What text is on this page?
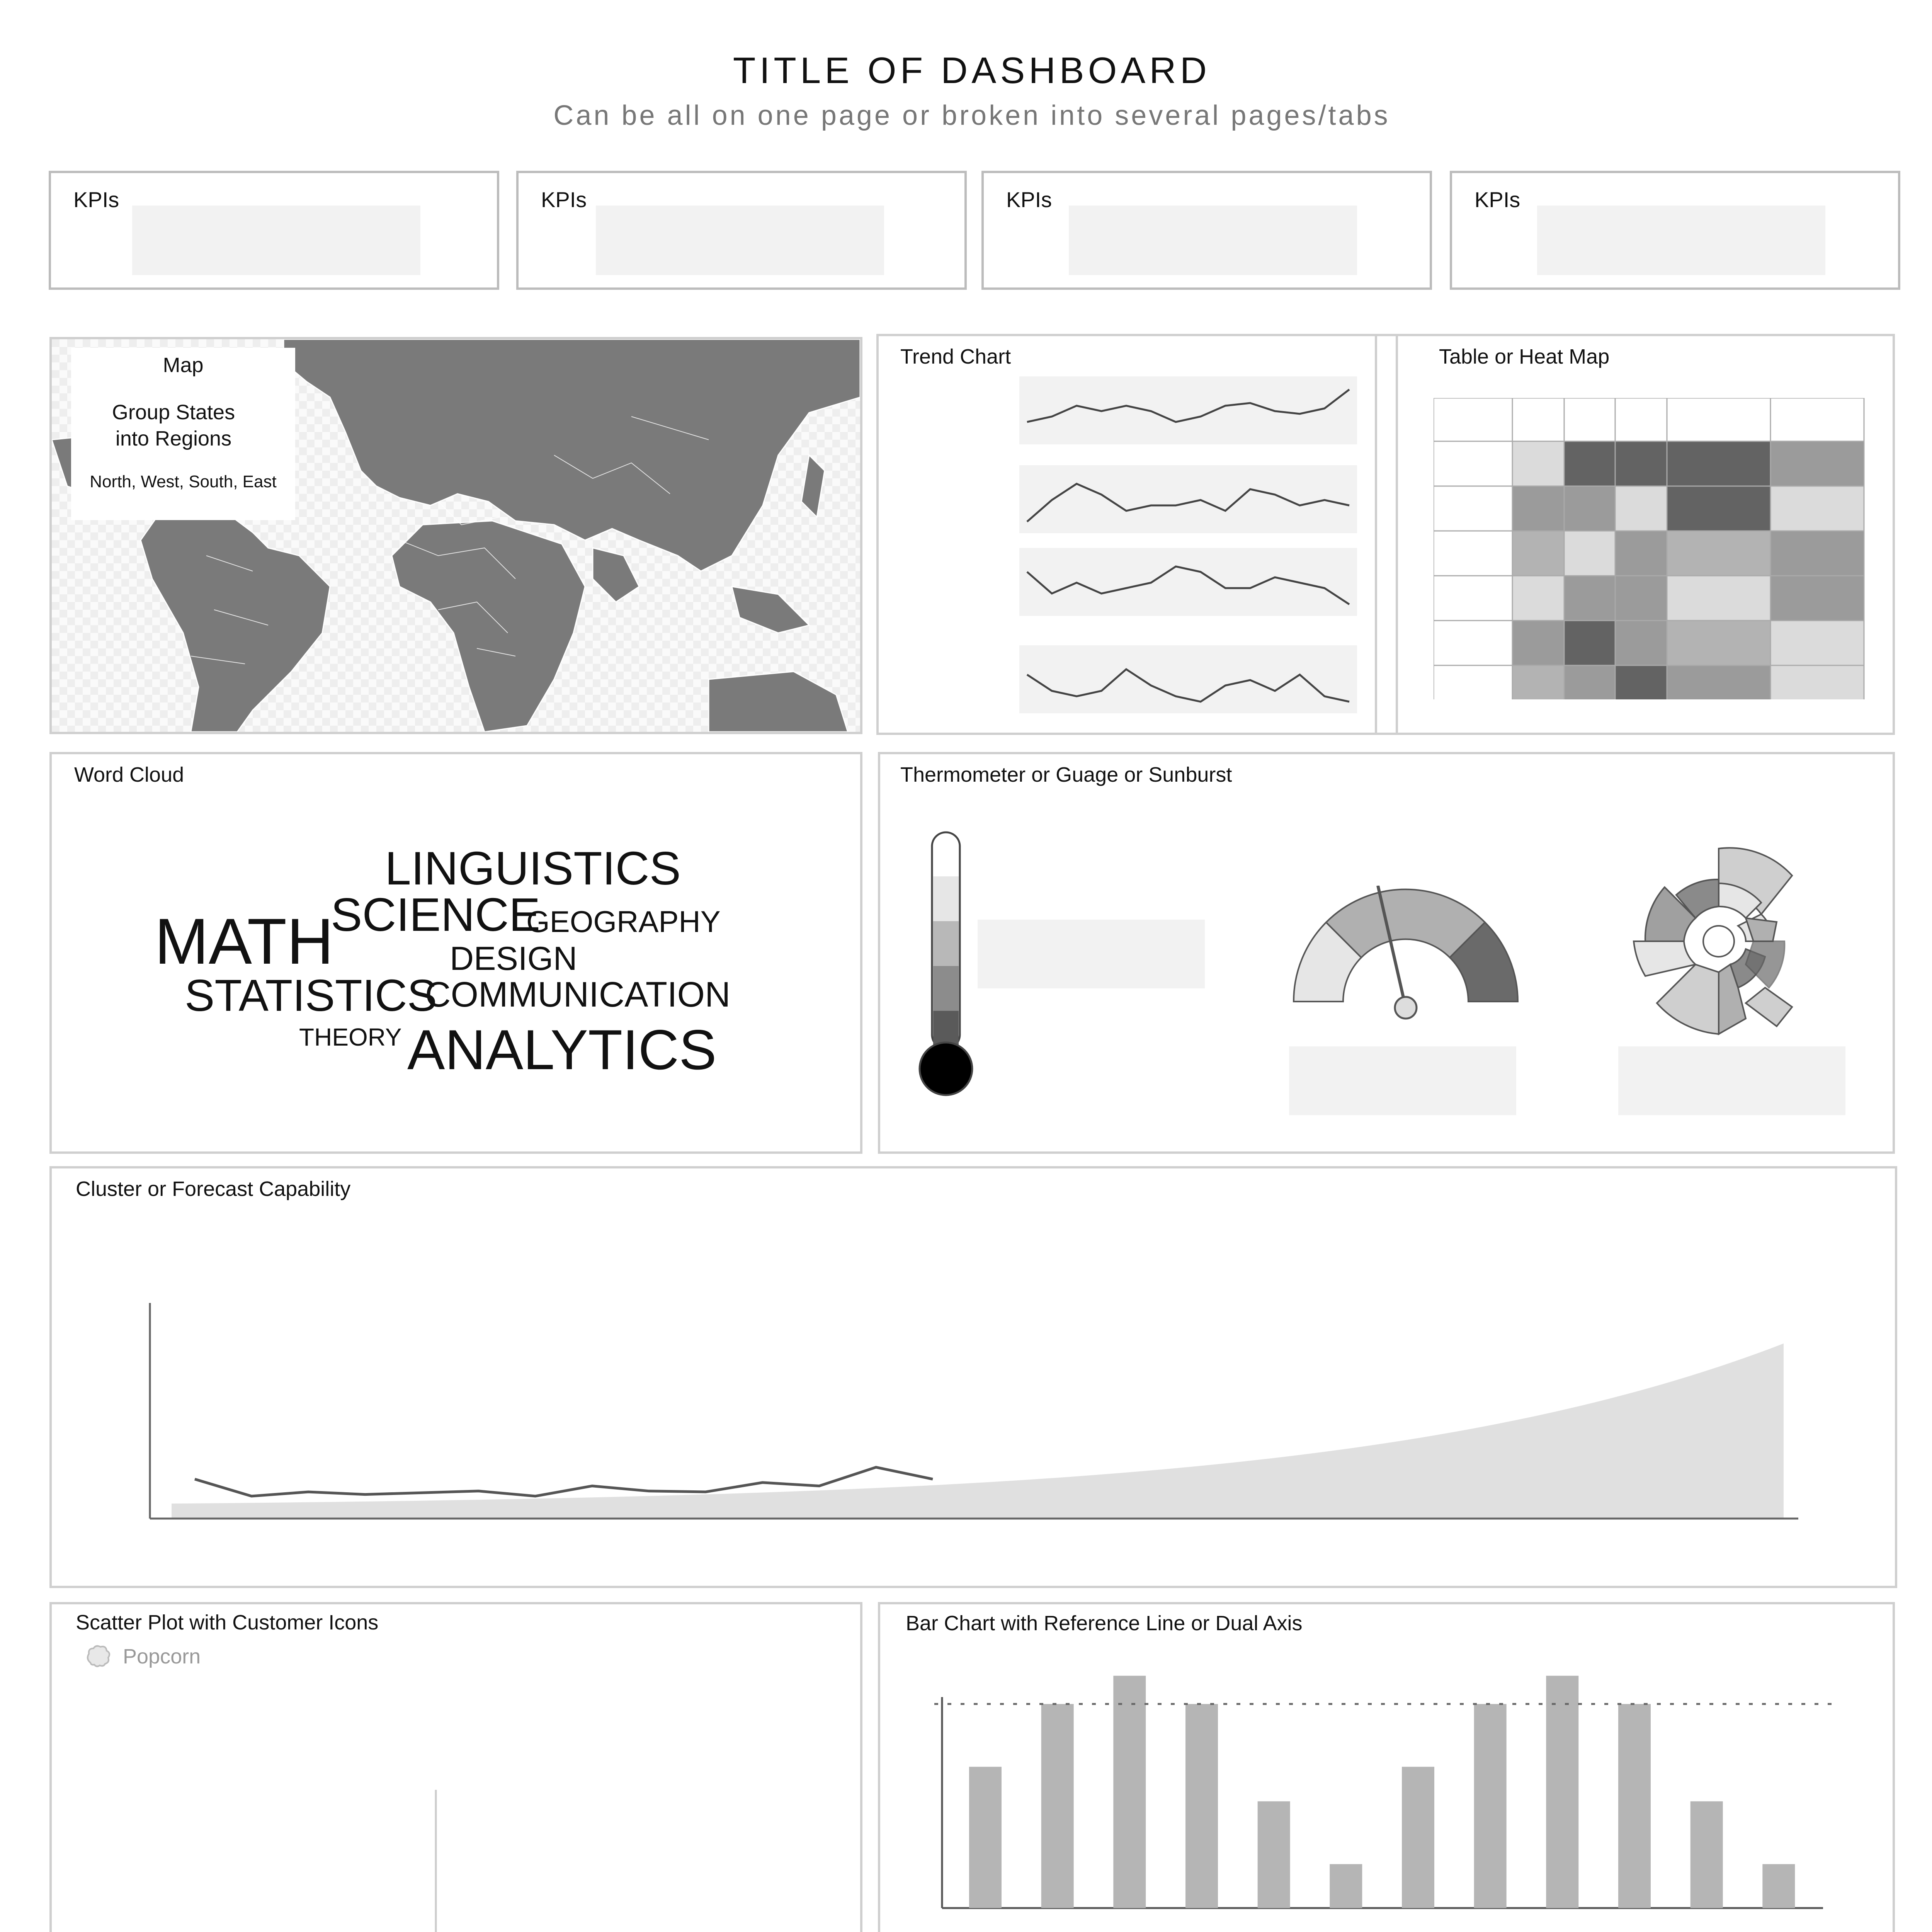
TITLE OF DASHBOARD
Can be all on one page or broken into several pages/tabs
KPIs	KPIs	KPIs	KPIs
Map
Group States
into Regions
North, West, South, East
Trend Chart	Table or Heat Map
Word Cloud
LINGUISTICS
SCIENCE
GEOGRAPHY
MATH	DESIGN
STATISTICS
COMMUNICATION
THEORY ANALYTICS
Thermometer or Guage or Sunburst
Cluster or Forecast Capability
Scatter Plot with Customer Icons
Popcorn
Bar Chart with Reference Line or Dual Axis
